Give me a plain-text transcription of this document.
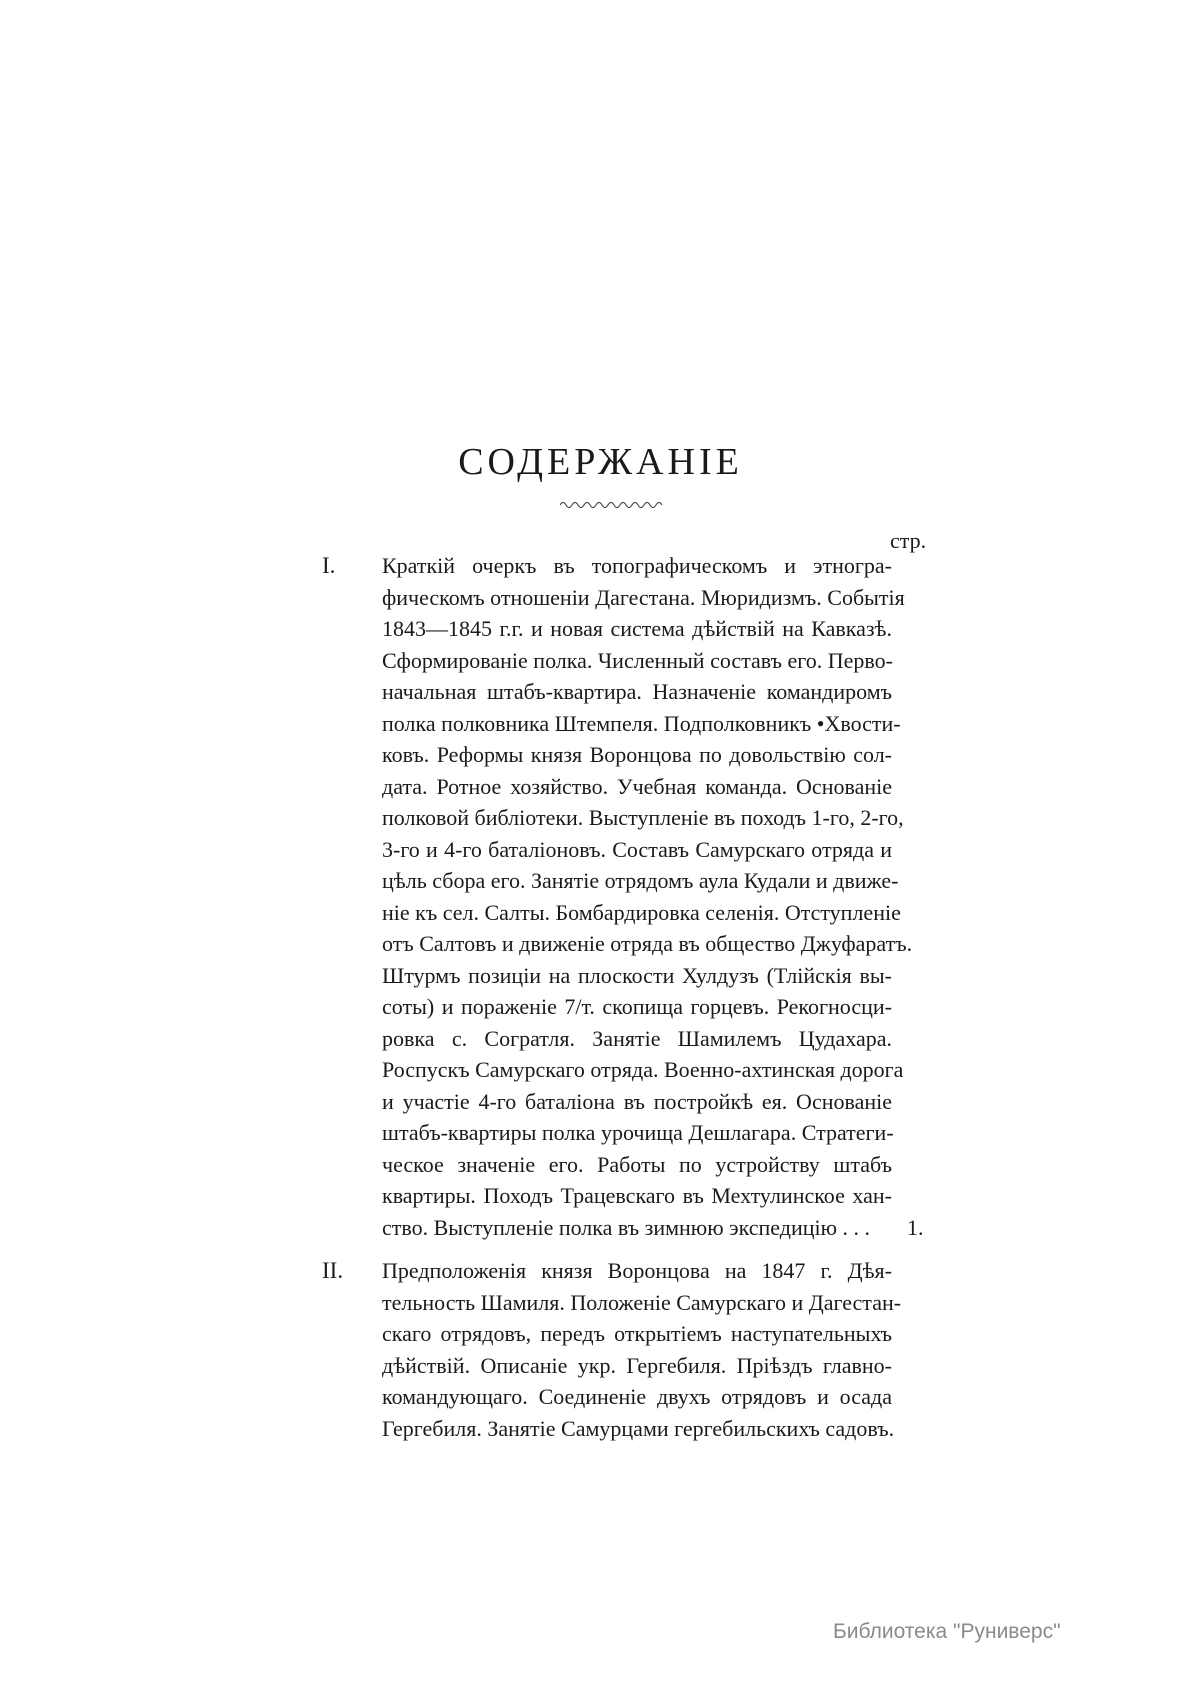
СОДЕРЖАНІЕ
стр.
I. Краткій очеркъ въ топографическомъ и этногра-
фическомъ отношеніи Дагестана. Мюридизмъ. Событія
1843—1845 г.г. и новая система дѣйствій на Кавказѣ.
Сформированіе полка. Численный составъ его. Перво-
начальная штабъ-квартира. Назначеніе командиромъ
полка полковника Штемпеля. Подполковникъ •Хвости-
ковъ. Реформы князя Воронцова по довольствію сол-
дата. Ротное хозяйство. Учебная команда. Основаніе
полковой библіотеки. Выступленіе въ походъ 1-го, 2-го,
3-го и 4-го баталіоновъ. Составъ Самурскаго отряда и
цѣль сбора его. Занятіе отрядомъ аула Кудали и движе-
ніе къ сел. Салты. Бомбардировка селенія. Отступленіе
отъ Салтовъ и движеніе отряда въ общество Джуфаратъ.
Штурмъ позиціи на плоскости Хулдузъ (Тлійскія вы-
соты) и пораженіе 7/т. скопища горцевъ. Рекогносци-
ровка с. Согратля. Занятіе Шамилемъ Цудахара.
Роспускъ Самурскаго отряда. Военно-ахтинская дорога
и участіе 4-го баталіона въ постройкѣ ея. Основаніе
штабъ-квартиры полка урочища Дешлагара. Стратеги-
ческое значеніе его. Работы по устройству штабъ
квартиры. Походъ Трацевскаго въ Мехтулинское хан-
ство. Выступленіе полка въ зимнюю экспедицію . . .	1.
II. Предположенія князя Воронцова на 1847 г. Дѣя-
тельность Шамиля. Положеніе Самурскаго и Дагестан-
скаго отрядовъ, передъ открытіемъ наступательныхъ
дѣйствій. Описаніе укр. Гергебиля. Пріѣздъ главно-
командующаго. Соединеніе двухъ отрядовъ и осада
Гергебиля. Занятіе Самурцами гергебильскихъ садовъ.
Библиотека "Руниверс"
